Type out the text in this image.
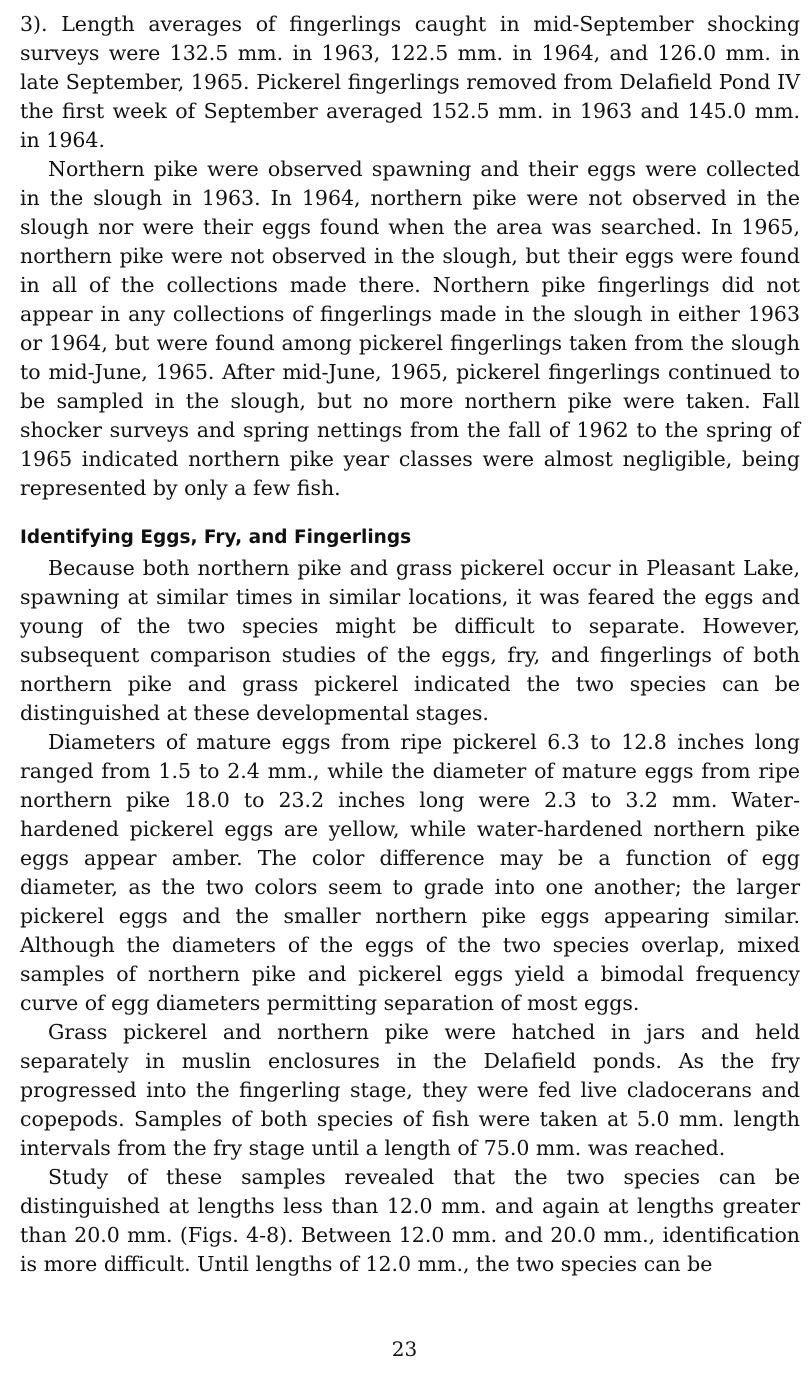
3). Length averages of fingerlings caught in mid-September shocking surveys were 132.5 mm. in 1963, 122.5 mm. in 1964, and 126.0 mm. in late September, 1965. Pickerel fingerlings removed from Delafield Pond IV the first week of September averaged 152.5 mm. in 1963 and 145.0 mm. in 1964.

Northern pike were observed spawning and their eggs were collected in the slough in 1963. In 1964, northern pike were not observed in the slough nor were their eggs found when the area was searched. In 1965, northern pike were not observed in the slough, but their eggs were found in all of the collections made there. Northern pike fingerlings did not appear in any collections of fingerlings made in the slough in either 1963 or 1964, but were found among pickerel fingerlings taken from the slough to mid-June, 1965. After mid-June, 1965, pickerel fingerlings continued to be sampled in the slough, but no more northern pike were taken. Fall shocker surveys and spring nettings from the fall of 1962 to the spring of 1965 indicated northern pike year classes were almost negligible, being represented by only a few fish.

Identifying Eggs, Fry, and Fingerlings

Because both northern pike and grass pickerel occur in Pleasant Lake, spawning at similar times in similar locations, it was feared the eggs and young of the two species might be difficult to separate. However, subsequent comparison studies of the eggs, fry, and fingerlings of both northern pike and grass pickerel indicated the two species can be distinguished at these developmental stages.

Diameters of mature eggs from ripe pickerel 6.3 to 12.8 inches long ranged from 1.5 to 2.4 mm., while the diameter of mature eggs from ripe northern pike 18.0 to 23.2 inches long were 2.3 to 3.2 mm. Water-hardened pickerel eggs are yellow, while water-hardened northern pike eggs appear amber. The color difference may be a function of egg diameter, as the two colors seem to grade into one another; the larger pickerel eggs and the smaller northern pike eggs appearing similar. Although the diameters of the eggs of the two species overlap, mixed samples of northern pike and pickerel eggs yield a bimodal frequency curve of egg diameters permitting separation of most eggs.

Grass pickerel and northern pike were hatched in jars and held separately in muslin enclosures in the Delafield ponds. As the fry progressed into the fingerling stage, they were fed live cladocerans and copepods. Samples of both species of fish were taken at 5.0 mm. length intervals from the fry stage until a length of 75.0 mm. was reached.

Study of these samples revealed that the two species can be distinguished at lengths less than 12.0 mm. and again at lengths greater than 20.0 mm. (Figs. 4-8). Between 12.0 mm. and 20.0 mm., identification is more difficult. Until lengths of 12.0 mm., the two species can be

23
